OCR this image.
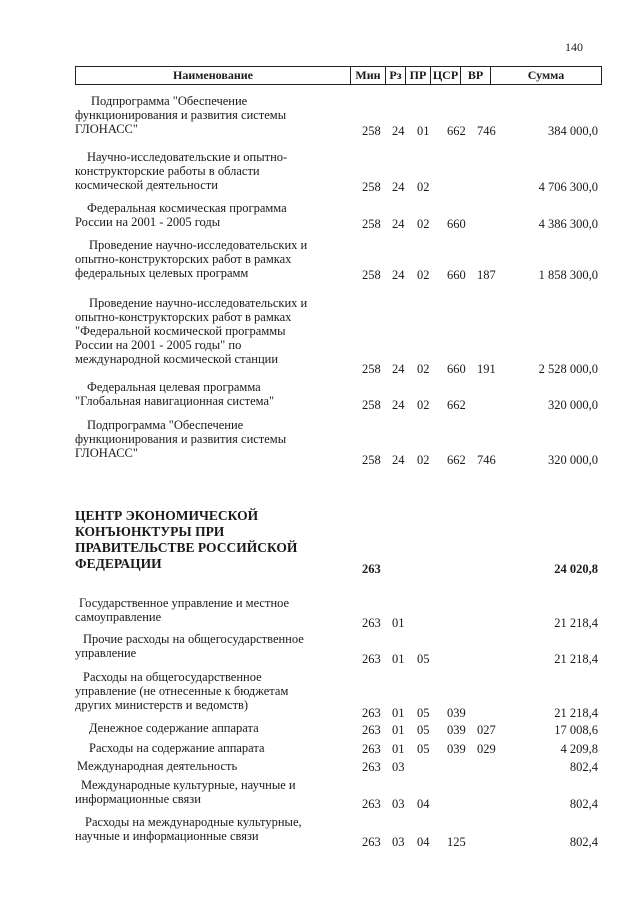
140
Наименование	Мин Рз ПР ЦСР ВР	Сумма
Подпрограмма "Обеспечение
функционирования и развития системы
ГЛОНАСС"	258 24 01 662 746	384 000,0
Научно-исследовательские и опытно-
конструкторские работы в области
космической деятельности	258 24 02	4 706 300,0
Федеральная космическая программа
России на 2001 - 2005 годы	258 24 02 660	4 386 300,0
Проведение научно-исследовательских и
опытно-конструкторских работ в рамках
федеральных целевых программ	258 24 02 660 187	1 858 300,0
Проведение научно-исследовательских и
опытно-конструкторских работ в рамках
"Федеральной космической программы
России на 2001 - 2005 годы" по
международной космической станции
258 24 02 660 191	2 528 000,0
Федеральная целевая программа
"Глобальная навигационная система"	258 24 02 662	320 000,0
Подпрограмма "Обеспечение
функционирования и развития системы
ГЛОНАСС"	258 24 02 662 746	320 000,0
ЦЕНТР ЭКОНОМИЧЕСКОЙ
КОНЪЮНКТУРЫ ПРИ
ПРАВИТЕЛЬСТВЕ РОССИЙСКОЙ
ФЕДЕРАЦИИ	263	24 020,8
Государственное управление и местное
самоуправление	263 01	21 218,4
Прочие расходы на общегосударственное
управление	263 01 05	21 218,4
Расходы на общегосударственное
управление (не отнесенные к бюджетам
других министерств и ведомств)
263 01 05 039	21 218,4
Денежное содержание аппарата	263 01 05 039 027	17 008,6
Расходы на содержание аппарата	263 01 05 039 029	4 209,8
Международная деятельность	263 03	802,4
Международные культурные, научные и
информационные связи	263 03 04	802,4
Расходы на международные культурные,
научные и информационные связи	263 03 04 125	802,4
